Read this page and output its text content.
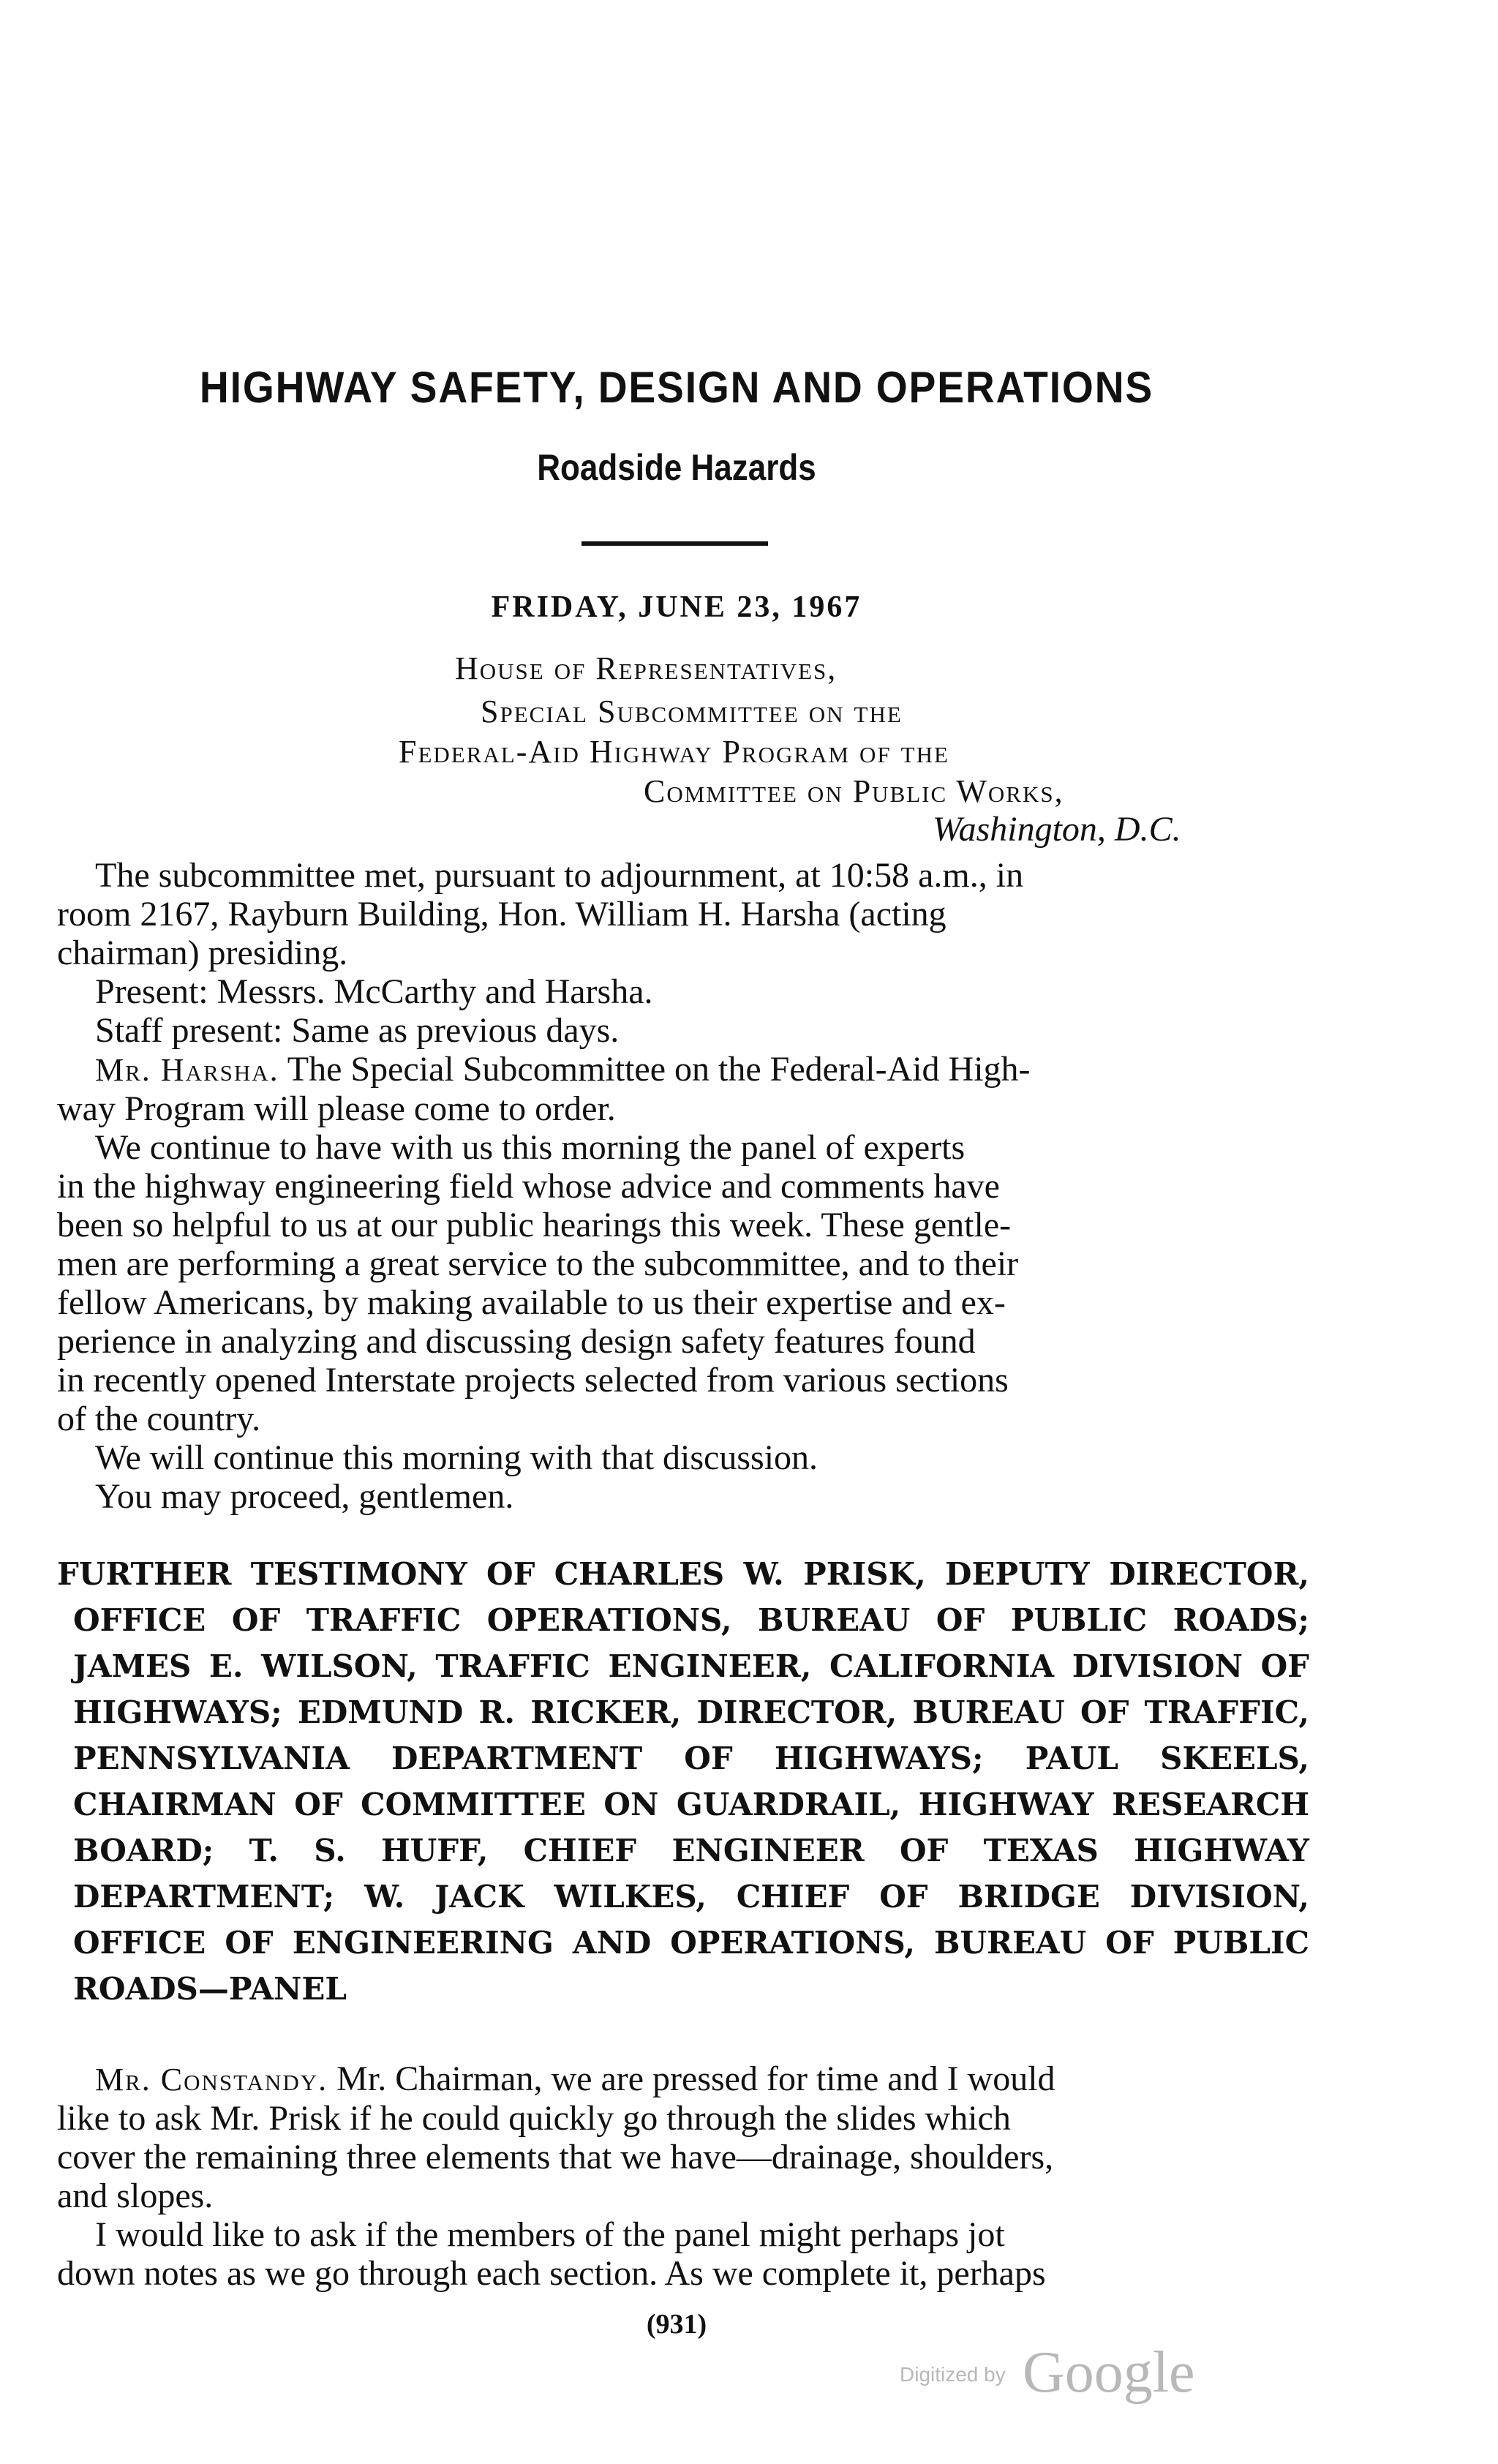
HIGHWAY SAFETY, DESIGN AND OPERATIONS
Roadside Hazards
FRIDAY, JUNE 23, 1967
House of Representatives,
Special Subcommittee on the
Federal-Aid Highway Program of the
Committee on Public Works,
Washington, D.C.
The subcommittee met, pursuant to adjournment, at 10:58 a.m., in
room 2167, Rayburn Building, Hon. William H. Harsha (acting
chairman) presiding.
Present: Messrs. McCarthy and Harsha.
Staff present: Same as previous days.
Mr. Harsha. The Special Subcommittee on the Federal-Aid High-
way Program will please come to order.
We continue to have with us this morning the panel of experts
in the highway engineering field whose advice and comments have
been so helpful to us at our public hearings this week. These gentle-
men are performing a great service to the subcommittee, and to their
fellow Americans, by making available to us their expertise and ex-
perience in analyzing and discussing design safety features found
in recently opened Interstate projects selected from various sections
of the country.
We will continue this morning with that discussion.
You may proceed, gentlemen.
FURTHER TESTIMONY OF CHARLES W. PRISK, DEPUTY DIRECTOR, OFFICE OF TRAFFIC OPERATIONS, BUREAU OF PUBLIC ROADS; JAMES E. WILSON, TRAFFIC ENGINEER, CALIFORNIA DIVISION OF HIGHWAYS; EDMUND R. RICKER, DIRECTOR, BUREAU OF TRAFFIC, PENNSYLVANIA DEPARTMENT OF HIGHWAYS; PAUL SKEELS, CHAIRMAN OF COMMITTEE ON GUARDRAIL, HIGHWAY RESEARCH BOARD; T. S. HUFF, CHIEF ENGINEER OF TEXAS HIGHWAY DEPARTMENT; W. JACK WILKES, CHIEF OF BRIDGE DIVISION, OFFICE OF ENGINEERING AND OPERATIONS, BUREAU OF PUBLIC ROADS—PANEL
Mr. Constandy. Mr. Chairman, we are pressed for time and I would
like to ask Mr. Prisk if he could quickly go through the slides which
cover the remaining three elements that we have—drainage, shoulders,
and slopes.
I would like to ask if the members of the panel might perhaps jot
down notes as we go through each section. As we complete it, perhaps
(931)
Digitized by Google
